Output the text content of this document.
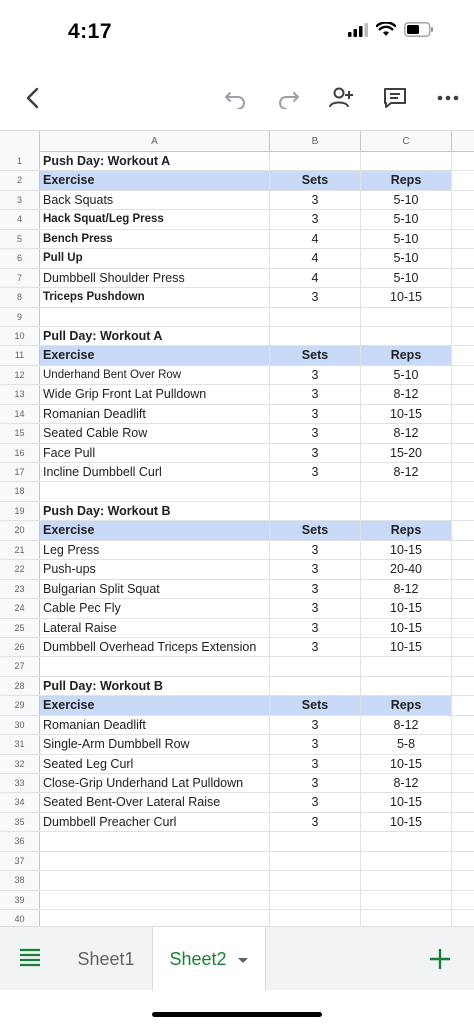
4:17
A	B	C
1	Push Day: Workout A
2	Exercise	Sets	Reps
3	Back Squats	3	5-10
4	Hack Squat/Leg Press	3	5-10
5	Bench Press	4	5-10
6	Pull Up	4	5-10
7	Dumbbell Shoulder Press	4	5-10
8	Triceps Pushdown	3	10-15
9
10	Pull Day: Workout A
11	Exercise	Sets	Reps
12	Underhand Bent Over Row	3	5-10
13	Wide Grip Front Lat Pulldown	3	8-12
14	Romanian Deadlift	3	10-15
15	Seated Cable Row	3	8-12
16	Face Pull	3	15-20
17	Incline Dumbbell Curl	3	8-12
18
19	Push Day: Workout B
20	Exercise	Sets	Reps
21	Leg Press	3	10-15
22	Push-ups	3	20-40
23	Bulgarian Split Squat	3	8-12
24	Cable Pec Fly	3	10-15
25	Lateral Raise	3	10-15
26	Dumbbell Overhead Triceps Extension	3	10-15
27
28	Pull Day: Workout B
29	Exercise	Sets	Reps
30	Romanian Deadlift	3	8-12
31	Single-Arm Dumbbell Row	3	5-8
32	Seated Leg Curl	3	10-15
33	Close-Grip Underhand Lat Pulldown	3	8-12
34	Seated Bent-Over Lateral Raise	3	10-15
35	Dumbbell Preacher Curl	3	10-15
36
37
38
39
40
Sheet1 Sheet2
